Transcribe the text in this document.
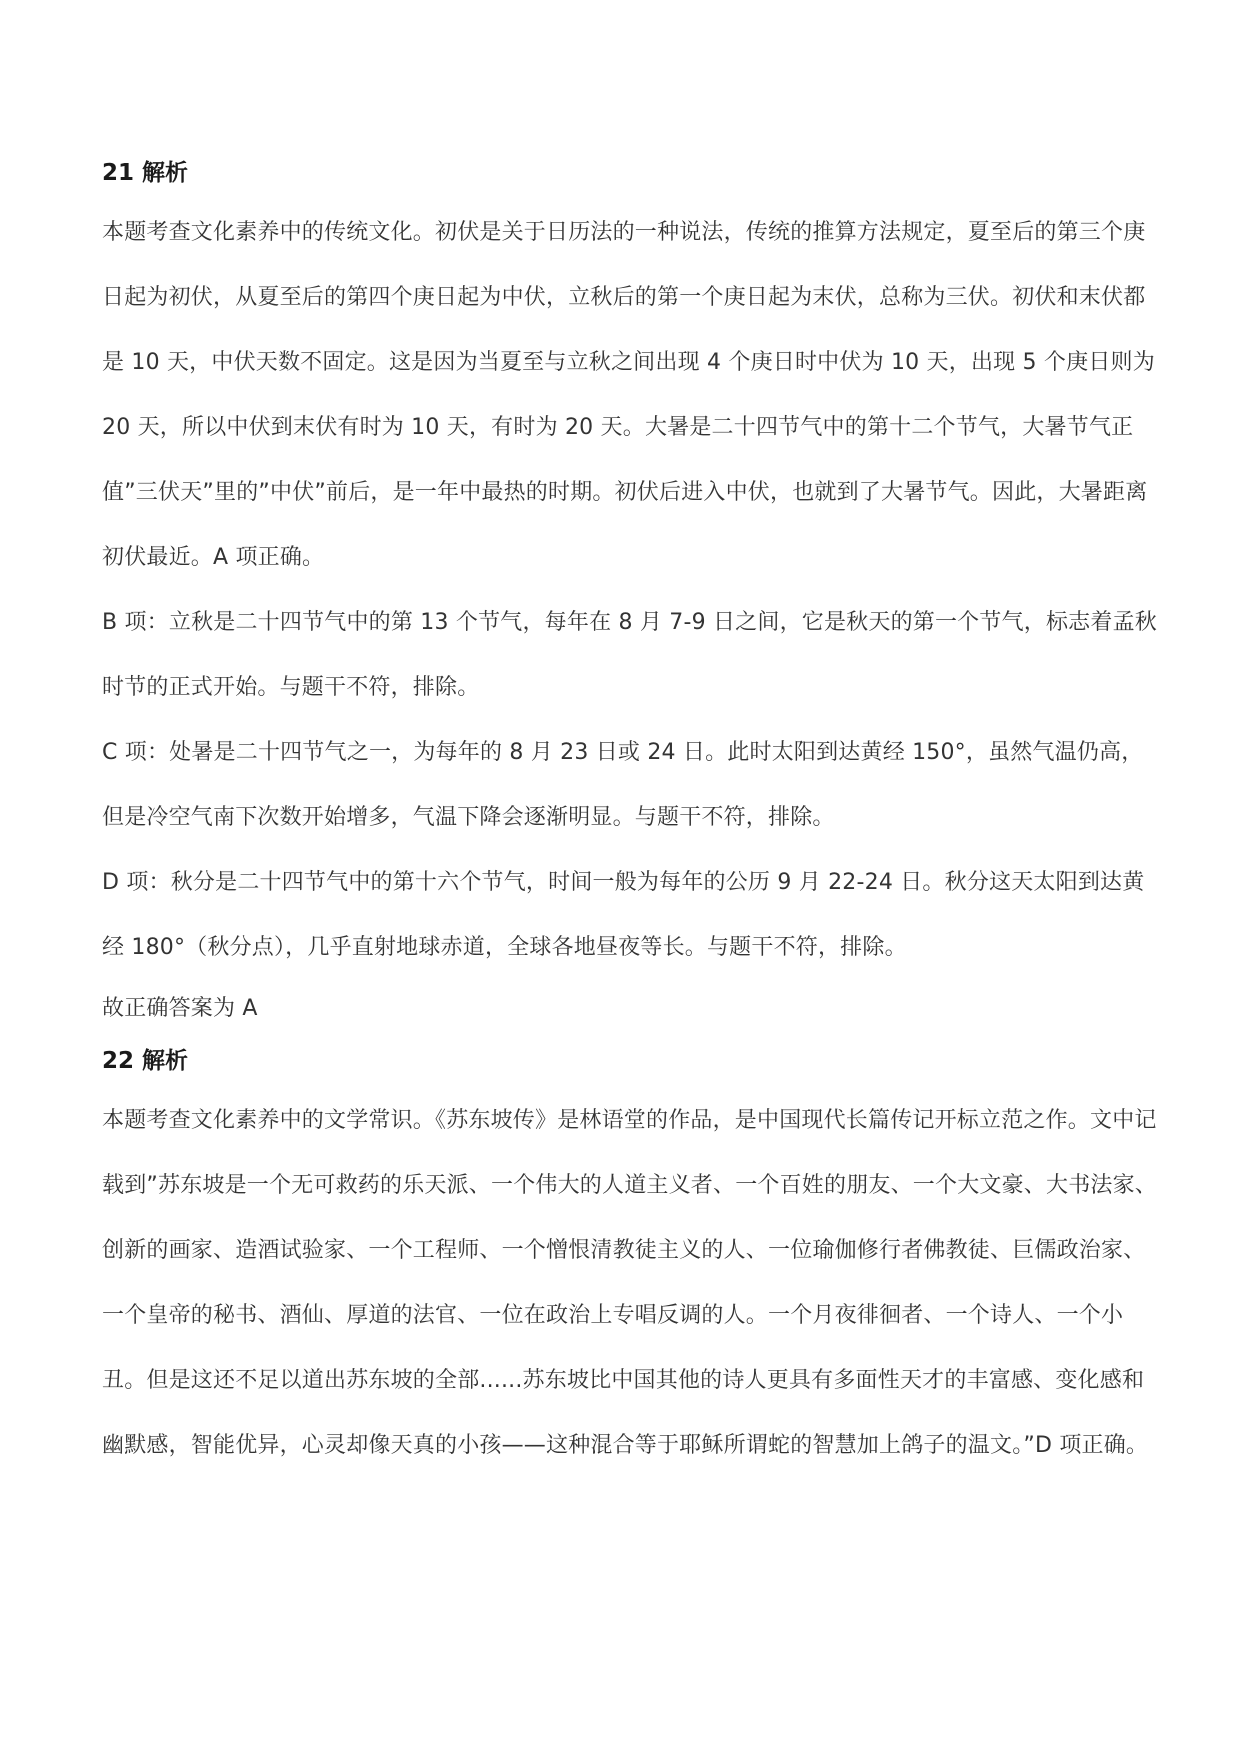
21 解析

本题考查文化素养中的传统文化。初伏是关于日历法的一种说法，传统的推算方法规定，夏至后的第三个庚日起为初伏，从夏至后的第四个庚日起为中伏，立秋后的第一个庚日起为末伏，总称为三伏。初伏和末伏都是 10 天，中伏天数不固定。这是因为当夏至与立秋之间出现 4 个庚日时中伏为 10 天，出现 5 个庚日则为 20 天，所以中伏到末伏有时为 10 天，有时为 20 天。大暑是二十四节气中的第十二个节气，大暑节气正值”三伏天”里的”中伏”前后，是一年中最热的时期。初伏后进入中伏，也就到了大暑节气。因此，大暑距离初伏最近。A 项正确。

B 项：立秋是二十四节气中的第 13 个节气，每年在 8 月 7-9 日之间，它是秋天的第一个节气，标志着孟秋时节的正式开始。与题干不符，排除。

C 项：处暑是二十四节气之一，为每年的 8 月 23 日或 24 日。此时太阳到达黄经 150°，虽然气温仍高，但是冷空气南下次数开始增多，气温下降会逐渐明显。与题干不符，排除。

D 项：秋分是二十四节气中的第十六个节气，时间一般为每年的公历 9 月 22-24 日。秋分这天太阳到达黄经 180°（秋分点），几乎直射地球赤道，全球各地昼夜等长。与题干不符，排除。

故正确答案为 A

22 解析

本题考查文化素养中的文学常识。《苏东坡传》是林语堂的作品，是中国现代长篇传记开标立范之作。文中记载到”苏东坡是一个无可救药的乐天派、一个伟大的人道主义者、一个百姓的朋友、一个大文豪、大书法家、创新的画家、造酒试验家、一个工程师、一个憎恨清教徒主义的人、一位瑜伽修行者佛教徒、巨儒政治家、一个皇帝的秘书、酒仙、厚道的法官、一位在政治上专唱反调的人。一个月夜徘徊者、一个诗人、一个小丑。但是这还不足以道出苏东坡的全部......苏东坡比中国其他的诗人更具有多面性天才的丰富感、变化感和幽默感，智能优异，心灵却像天真的小孩——这种混合等于耶稣所谓蛇的智慧加上鸽子的温文。”D 项正确。
